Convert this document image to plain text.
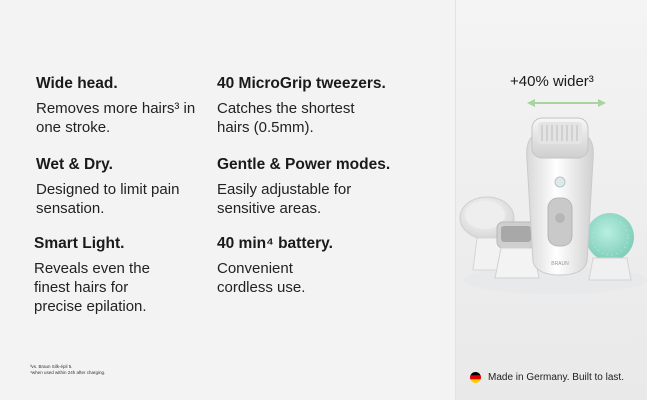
Wide head.

Removes more hairs³ in one stroke.

40 MicroGrip tweezers.

Catches the shortest hairs (0.5mm).

Wet & Dry.

Designed to limit pain sensation.

Gentle & Power modes.

Easily adjustable for sensitive areas.

Smart Light.

Reveals even the finest hairs for precise epilation.

40 min⁴ battery.

Convenient cordless use.

³vs. Braun Silk-épil 5.
⁴when used within 24h after charging.
+40% wider³
BRAUN
Made in Germany. Built to last.
